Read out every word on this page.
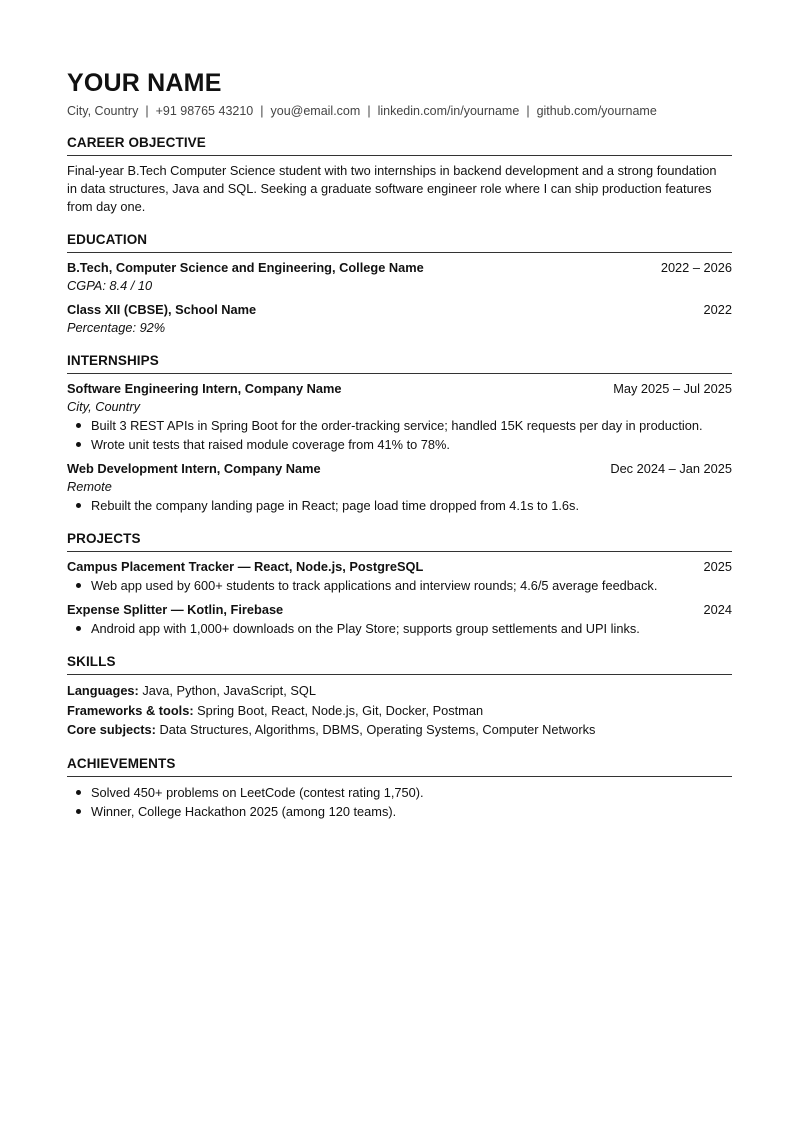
YOUR NAME
City, Country | +91 98765 43210 | you@email.com | linkedin.com/in/yourname | github.com/yourname
CAREER OBJECTIVE
Final-year B.Tech Computer Science student with two internships in backend development and a strong foundation
in data structures, Java and SQL. Seeking a graduate software engineer role where I can ship production features
from day one.
EDUCATION
B.Tech, Computer Science and Engineering, College Name	2022 – 2026
CGPA: 8.4 / 10
Class XII (CBSE), School Name	2022
Percentage: 92%
INTERNSHIPS
Software Engineering Intern, Company Name	May 2025 – Jul 2025
City, Country
Built 3 REST APIs in Spring Boot for the order-tracking service; handled 15K requests per day in production.
Wrote unit tests that raised module coverage from 41% to 78%.
Web Development Intern, Company Name	Dec 2024 – Jan 2025
Remote
Rebuilt the company landing page in React; page load time dropped from 4.1s to 1.6s.
PROJECTS
Campus Placement Tracker — React, Node.js, PostgreSQL	2025
Web app used by 600+ students to track applications and interview rounds; 4.6/5 average feedback.
Expense Splitter — Kotlin, Firebase	2024
Android app with 1,000+ downloads on the Play Store; supports group settlements and UPI links.
SKILLS
Languages: Java, Python, JavaScript, SQL
Frameworks & tools: Spring Boot, React, Node.js, Git, Docker, Postman
Core subjects: Data Structures, Algorithms, DBMS, Operating Systems, Computer Networks
ACHIEVEMENTS
Solved 450+ problems on LeetCode (contest rating 1,750).
Winner, College Hackathon 2025 (among 120 teams).
